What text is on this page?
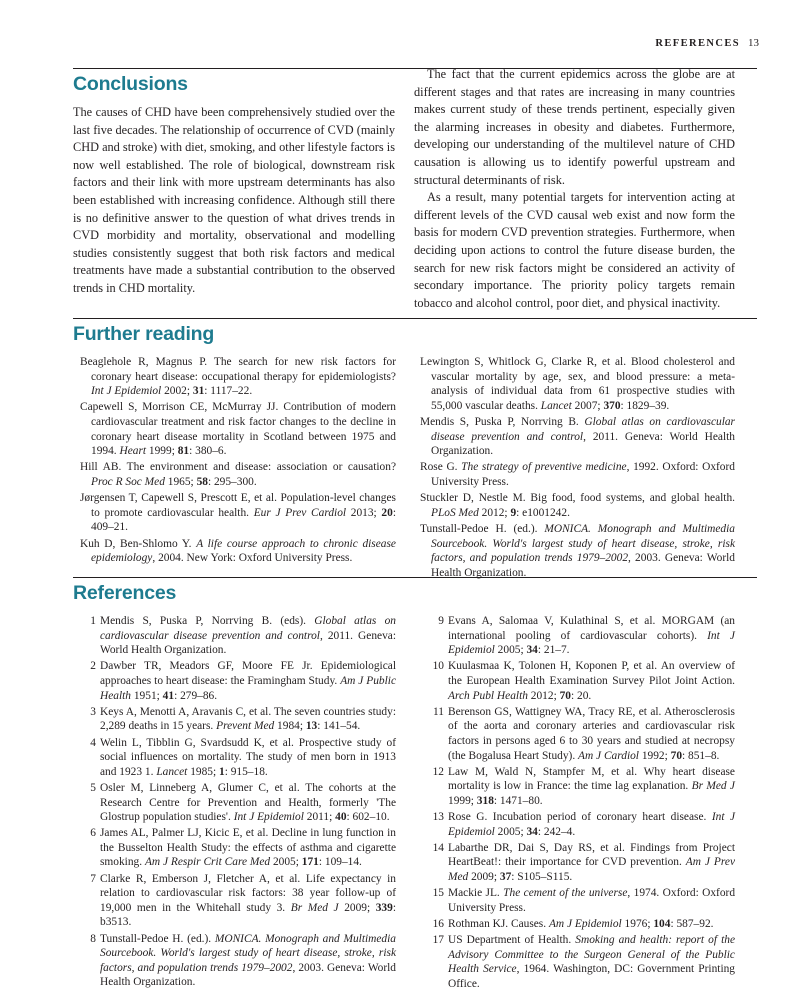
REFERENCES 13
Conclusions

The causes of CHD have been comprehensively studied over the last five decades. The relationship of occurrence of CVD (mainly CHD and stroke) with diet, smoking, and other lifestyle factors is now well established. The role of biological, downstream risk factors and their link with more upstream determinants has also been established with increasing confidence. Although still there is no definitive answer to the question of what drives trends in CVD morbidity and mortality, observational and modelling studies consistently suggest that both risk factors and medical treatments have made a substantial contribution to the observed trends in CHD mortality.

The fact that the current epidemics across the globe are at different stages and that rates are increasing in many countries makes current study of these trends pertinent, especially given the alarming increases in obesity and diabetes. Furthermore, developing our understanding of the multilevel nature of CHD causation is allowing us to identify powerful upstream and structural determinants of risk.

As a result, many potential targets for intervention acting at different levels of the CVD causal web exist and now form the basis for modern CVD prevention strategies. Furthermore, when deciding upon actions to control the future disease burden, the search for new risk factors might be considered an activity of secondary importance. The priority policy targets remain tobacco and alcohol control, poor diet, and physical inactivity.

Further reading
Beaglehole R, Magnus P. The search for new risk factors for coronary heart disease: occupational therapy for epidemiologists? Int J Epidemiol 2002; 31: 1117–22.
Capewell S, Morrison CE, McMurray JJ. Contribution of modern cardiovascular treatment and risk factor changes to the decline in coronary heart disease mortality in Scotland between 1975 and 1994. Heart 1999; 81: 380–6.
Hill AB. The environment and disease: association or causation? Proc R Soc Med 1965; 58: 295–300.
Jørgensen T, Capewell S, Prescott E, et al. Population-level changes to promote cardiovascular health. Eur J Prev Cardiol 2013; 20: 409–21.
Kuh D, Ben-Shlomo Y. A life course approach to chronic disease epidemiology, 2004. New York: Oxford University Press.
Lewington S, Whitlock G, Clarke R, et al. Blood cholesterol and vascular mortality by age, sex, and blood pressure: a meta-analysis of individual data from 61 prospective studies with 55,000 vascular deaths. Lancet 2007; 370: 1829–39.
Mendis S, Puska P, Norrving B. Global atlas on cardiovascular disease prevention and control, 2011. Geneva: World Health Organization.
Rose G. The strategy of preventive medicine, 1992. Oxford: Oxford University Press.
Stuckler D, Nestle M. Big food, food systems, and global health. PLoS Med 2012; 9: e1001242.
Tunstall-Pedoe H. (ed.). MONICA. Monograph and Multimedia Sourcebook. World's largest study of heart disease, stroke, risk factors, and population trends 1979–2002, 2003. Geneva: World Health Organization.
References
1 Mendis S, Puska P, Norrving B. (eds). Global atlas on cardiovascular disease prevention and control, 2011. Geneva: World Health Organization.
2 Dawber TR, Meadors GF, Moore FE Jr. Epidemiological approaches to heart disease: the Framingham Study. Am J Public Health 1951; 41: 279–86.
3 Keys A, Menotti A, Aravanis C, et al. The seven countries study: 2,289 deaths in 15 years. Prevent Med 1984; 13: 141–54.
4 Welin L, Tibblin G, Svardsudd K, et al. Prospective study of social influences on mortality. The study of men born in 1913 and 1923 1. Lancet 1985; 1: 915–18.
5 Osler M, Linneberg A, Glumer C, et al. The cohorts at the Research Centre for Prevention and Health, formerly 'The Glostrup population studies'. Int J Epidemiol 2011; 40: 602–10.
6 James AL, Palmer LJ, Kicic E, et al. Decline in lung function in the Busselton Health Study: the effects of asthma and cigarette smoking. Am J Respir Crit Care Med 2005; 171: 109–14.
7 Clarke R, Emberson J, Fletcher A, et al. Life expectancy in relation to cardiovascular risk factors: 38 year follow-up of 19,000 men in the Whitehall study 3. Br Med J 2009; 339: b3513.
8 Tunstall-Pedoe H. (ed.). MONICA. Monograph and Multimedia Sourcebook. World's largest study of heart disease, stroke, risk factors, and population trends 1979–2002, 2003. Geneva: World Health Organization.
9 Evans A, Salomaa V, Kulathinal S, et al. MORGAM (an international pooling of cardiovascular cohorts). Int J Epidemiol 2005; 34: 21–7.
10 Kuulasmaa K, Tolonen H, Koponen P, et al. An overview of the European Health Examination Survey Pilot Joint Action. Arch Publ Health 2012; 70: 20.
11 Berenson GS, Wattigney WA, Tracy RE, et al. Atherosclerosis of the aorta and coronary arteries and cardiovascular risk factors in persons aged 6 to 30 years and studied at necropsy (the Bogalusa Heart Study). Am J Cardiol 1992; 70: 851–8.
12 Law M, Wald N, Stampfer M, et al. Why heart disease mortality is low in France: the time lag explanation. Br Med J 1999; 318: 1471–80.
13 Rose G. Incubation period of coronary heart disease. Int J Epidemiol 2005; 34: 242–4.
14 Labarthe DR, Dai S, Day RS, et al. Findings from Project HeartBeat!: their importance for CVD prevention. Am J Prev Med 2009; 37: S105–S115.
15 Mackie JL. The cement of the universe, 1974. Oxford: Oxford University Press.
16 Rothman KJ. Causes. Am J Epidemiol 1976; 104: 587–92.
17 US Department of Health. Smoking and health: report of the Advisory Committee to the Surgeon General of the Public Health Service, 1964. Washington, DC: Government Printing Office.
